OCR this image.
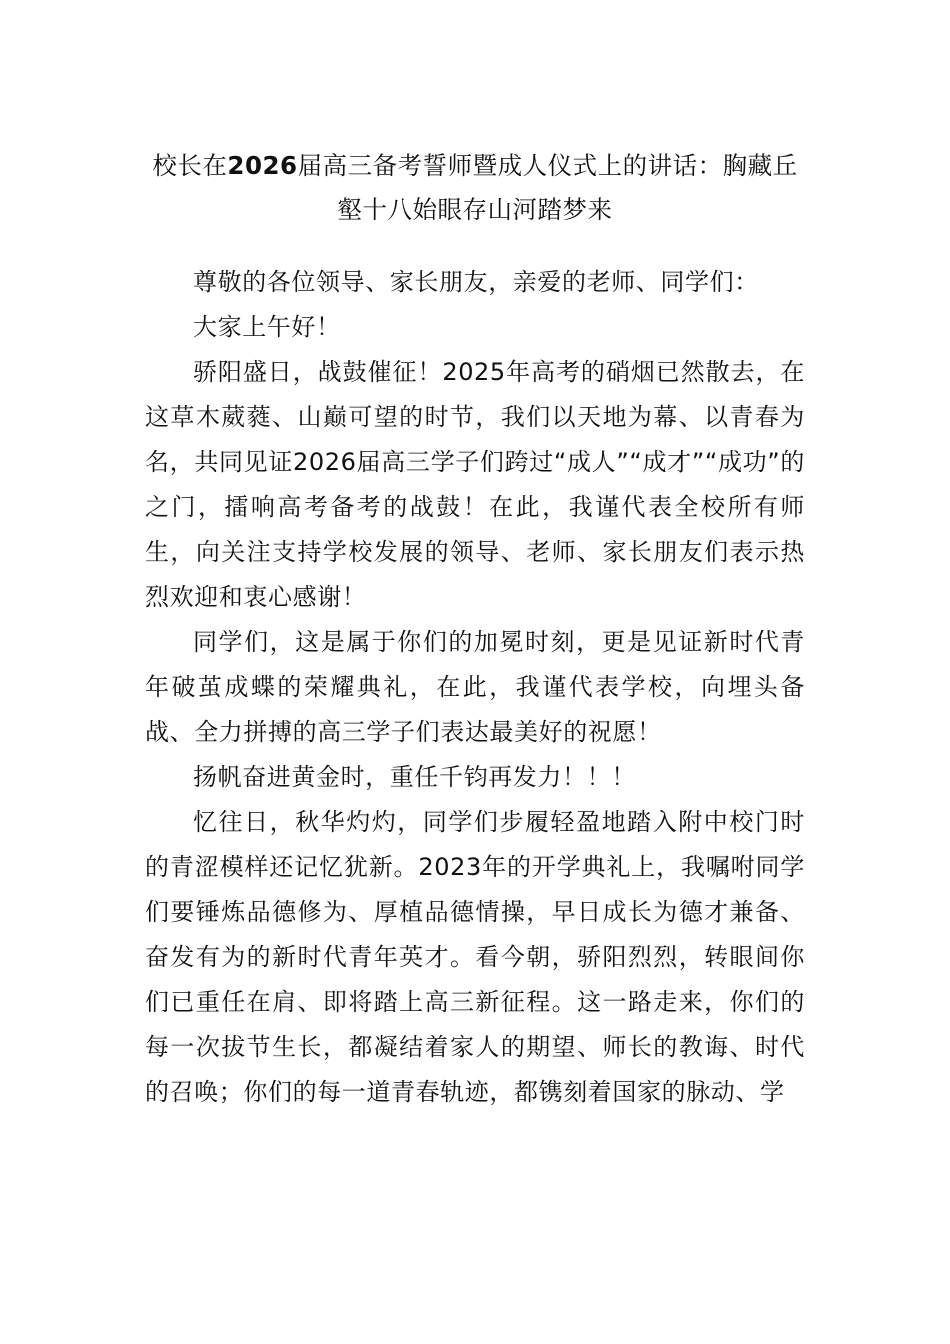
校长在2026届高三备考誓师暨成人仪式上的讲话：胸藏丘壑十八始眼存山河踏梦来

尊敬的各位领导、家长朋友，亲爱的老师、同学们：

大家上午好！

骄阳盛日，战鼓催征！2025年高考的硝烟已然散去，在这草木葳蕤、山巅可望的时节，我们以天地为幕、以青春为名，共同见证2026届高三学子们跨过“成人”“成才”“成功”的之门，擂响高考备考的战鼓！在此，我谨代表全校所有师生，向关注支持学校发展的领导、老师、家长朋友们表示热烈欢迎和衷心感谢！

同学们，这是属于你们的加冕时刻，更是见证新时代青年破茧成蝶的荣耀典礼，在此，我谨代表学校，向埋头备战、全力拼搏的高三学子们表达最美好的祝愿！

扬帆奋进黄金时，重任千钧再发力！！！

忆往日，秋华灼灼，同学们步履轻盈地踏入附中校门时的青涩模样还记忆犹新。2023年的开学典礼上，我嘱咐同学们要锤炼品德修为、厚植品德情操，早日成长为德才兼备、奋发有为的新时代青年英才。看今朝，骄阳烈烈，转眼间你们已重任在肩、即将踏上高三新征程。这一路走来，你们的每一次拔节生长，都凝结着家人的期望、师长的教诲、时代的召唤；你们的每一道青春轨迹，都镌刻着国家的脉动、学
